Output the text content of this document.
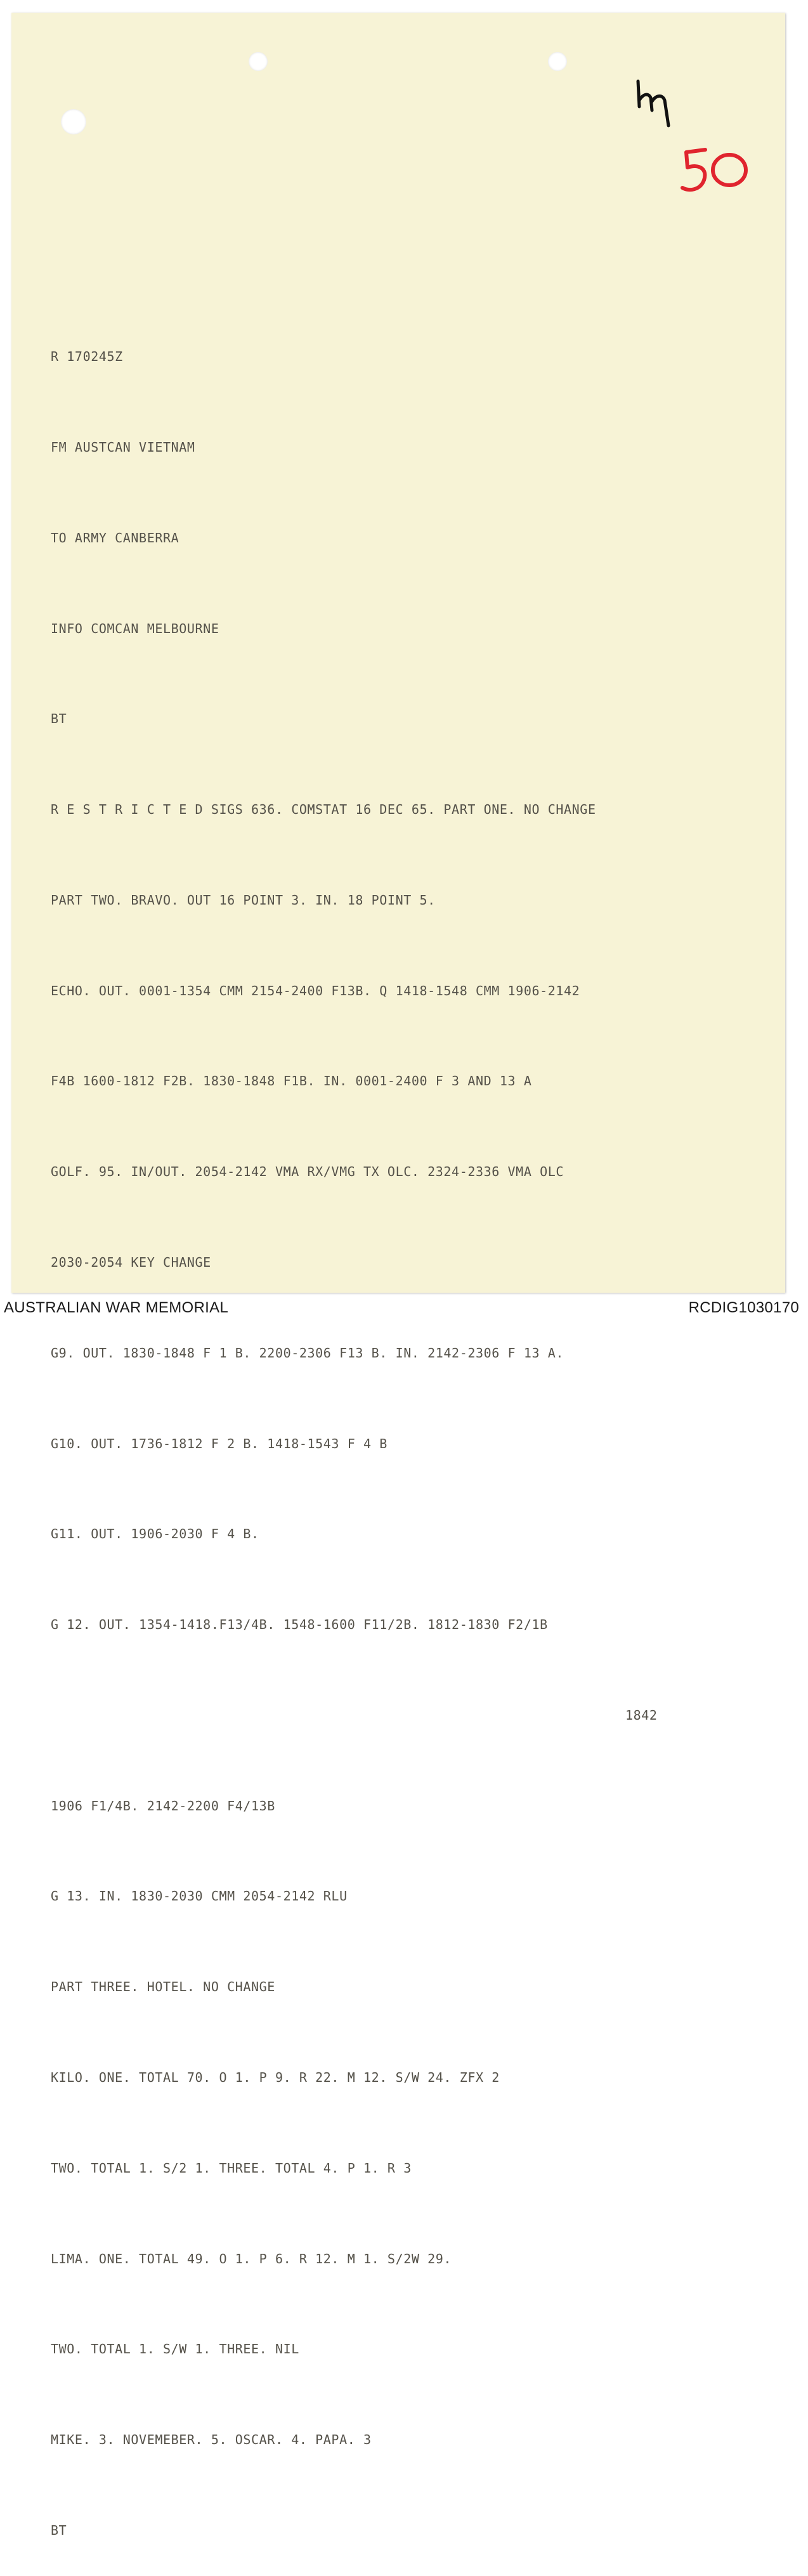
R 170245Z

FM AUSTCAN VIETNAM

TO ARMY CANBERRA

INFO COMCAN MELBOURNE

BT

R E S T R I C T E D SIGS 636. COMSTAT 16 DEC 65. PART ONE. NO CHANGE

PART TWO. BRAVO. OUT 16 POINT 3. IN. 18 POINT 5.

ECHO. OUT. 0001-1354 CMM 2154-2400 F13B. Q 1418-1548 CMM 1906-2142

F4B 1600-1812 F2B. 1830-1848 F1B. IN. 0001-2400 F 3 AND 13 A

GOLF. 95. IN/OUT. 2054-2142 VMA RX/VMG TX OLC. 2324-2336 VMA OLC

2030-2054 KEY CHANGE

G9. OUT. 1830-1848 F 1 B. 2200-2306 F13 B. IN. 2142-2306 F 13 A.

G10. OUT. 1736-1812 F 2 B. 1418-1543 F 4 B

G11. OUT. 1906-2030 F 4 B.

G 12. OUT. 1354-1418.F13/4B. 1548-1600 F11/2B. 1812-1830 F2/1B

1842

1906 F1/4B. 2142-2200 F4/13B

G 13. IN. 1830-2030 CMM 2054-2142 RLU

PART THREE. HOTEL. NO CHANGE

KILO. ONE. TOTAL 70. O 1. P 9. R 22. M 12. S/W 24. ZFX 2

TWO. TOTAL 1. S/2 1. THREE. TOTAL 4. P 1. R 3

LIMA. ONE. TOTAL 49. O 1. P 6. R 12. M 1. S/2W 29.

TWO. TOTAL 1. S/W 1. THREE. NIL

MIKE. 3. NOVEMEBER. 5. OSCAR. 4. PAPA. 3

BT

AUSTRALIAN WAR MEMORIAL	RCDIG1030170
